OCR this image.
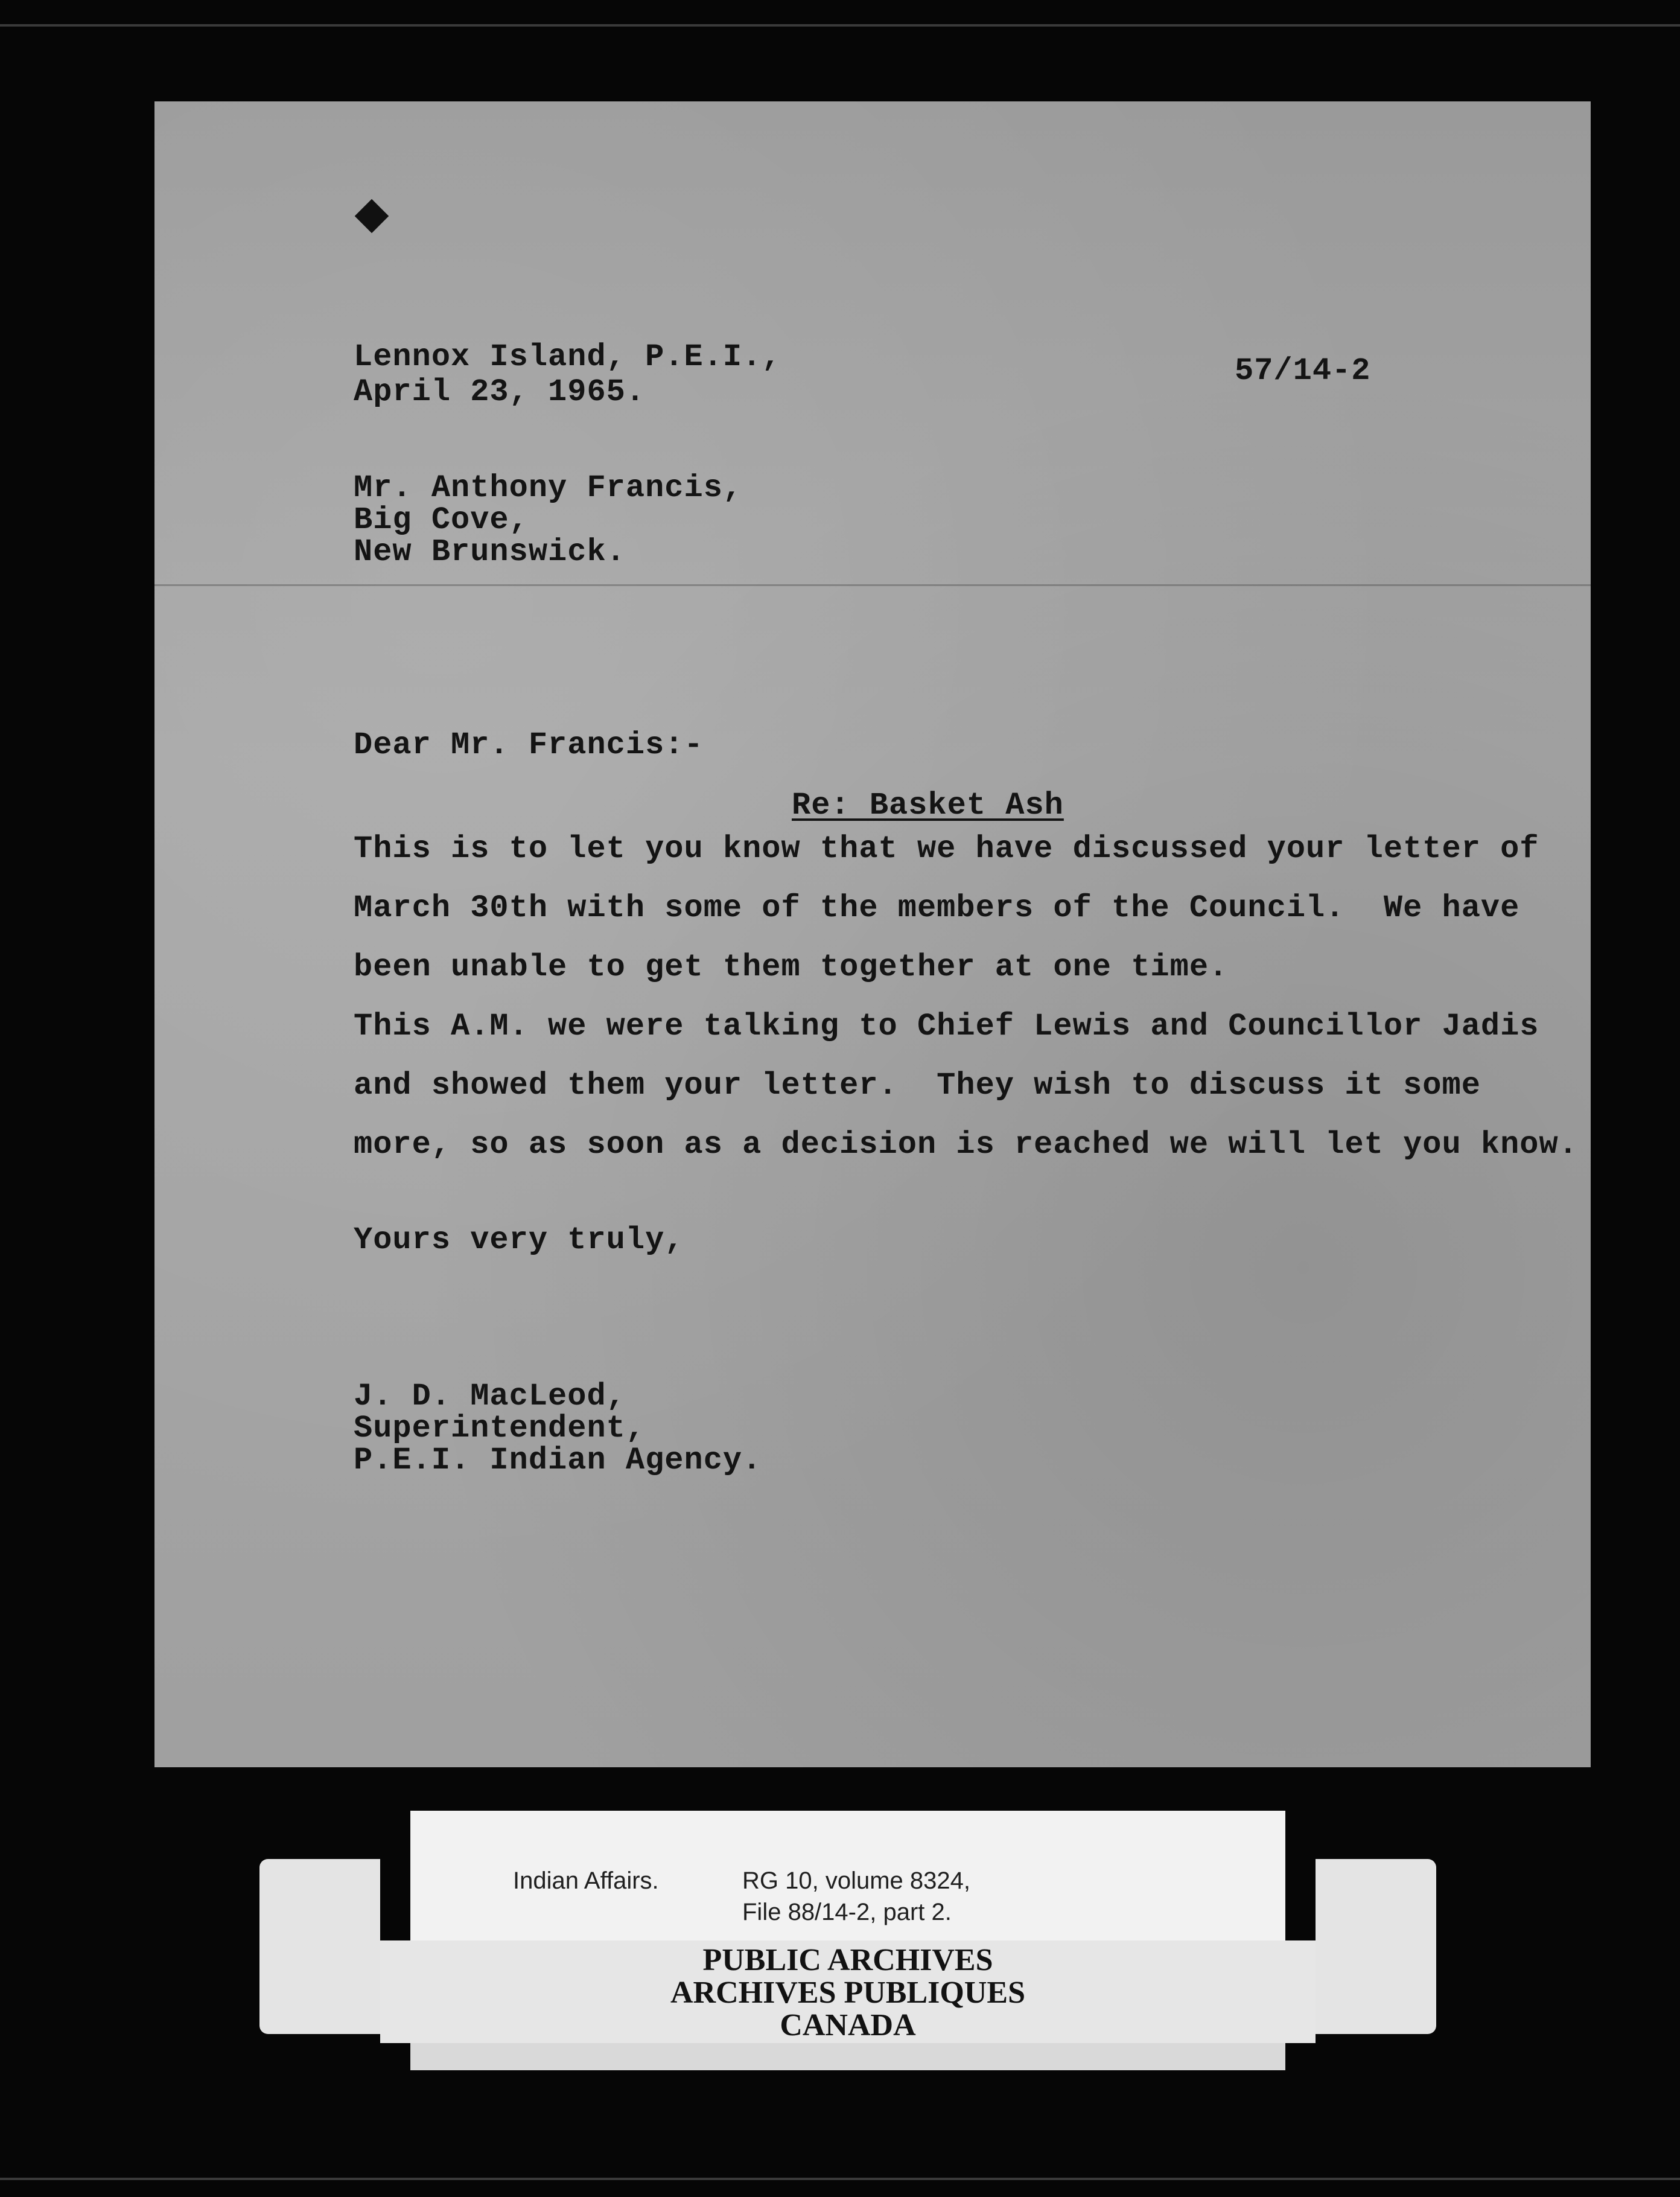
Lennox Island, P.E.I.,
April 23, 1965.
57/14-2
Mr. Anthony Francis,
Big Cove,
New Brunswick.
Dear Mr. Francis:-
Re: Basket Ash
This is to let you know that we have discussed your letter of
March 30th with some of the members of the Council.  We have
been unable to get them together at one time.
This A.M. we were talking to Chief Lewis and Councillor Jadis
and showed them your letter.  They wish to discuss it some
more, so as soon as a decision is reached we will let you know.
Yours very truly,
J. D. MacLeod,
Superintendent,
P.E.I. Indian Agency.
Indian Affairs.	RG 10, volume 8324,
File 88/14-2, part 2.
PUBLIC ARCHIVES
ARCHIVES PUBLIQUES
CANADA
